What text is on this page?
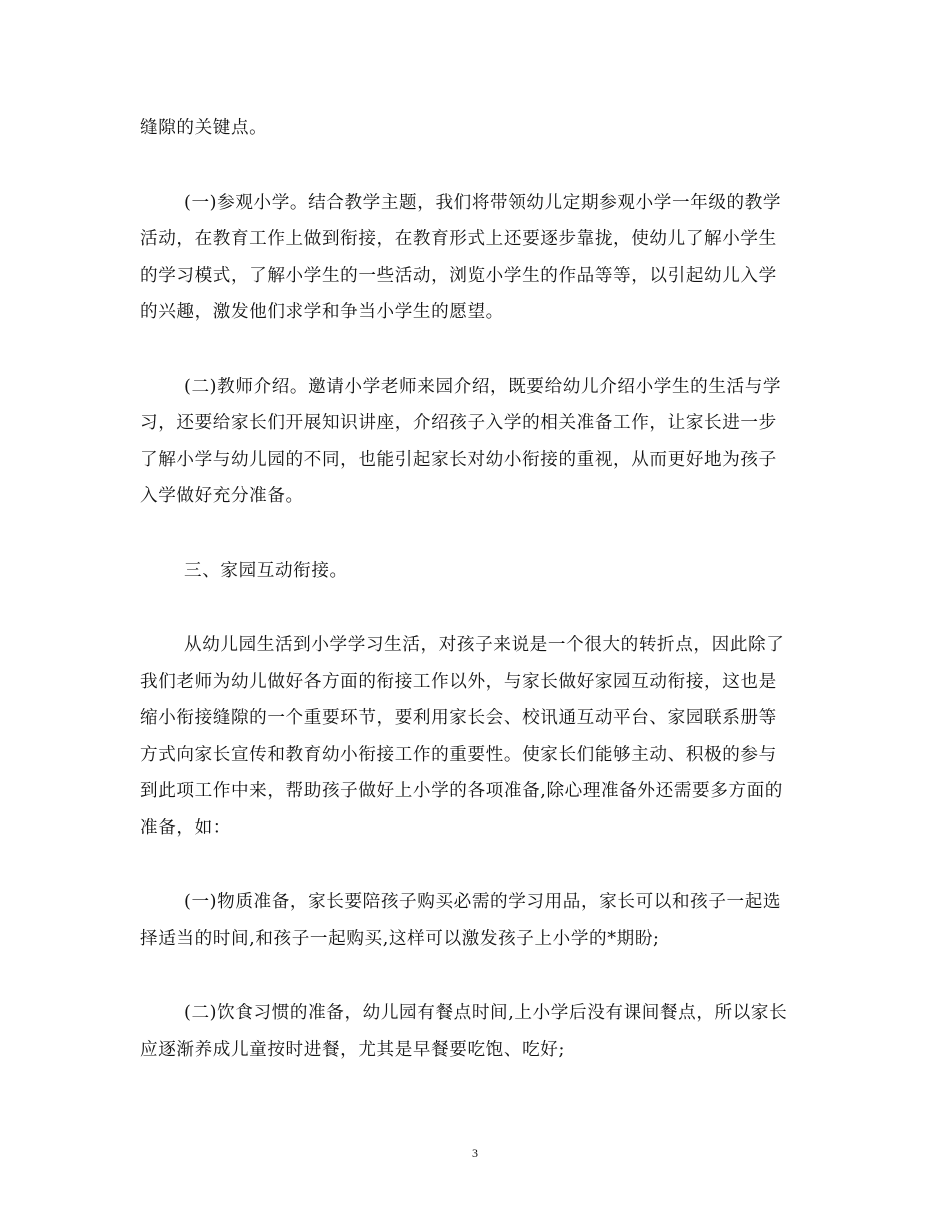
缝隙的关键点。
(一)参观小学。结合教学主题，我们将带领幼儿定期参观小学一年级的教学
活动，在教育工作上做到衔接，在教育形式上还要逐步靠拢，使幼儿了解小学生
的学习模式，了解小学生的一些活动，浏览小学生的作品等等，以引起幼儿入学
的兴趣，激发他们求学和争当小学生的愿望。
(二)教师介绍。邀请小学老师来园介绍，既要给幼儿介绍小学生的生活与学
习，还要给家长们开展知识讲座，介绍孩子入学的相关准备工作，让家长进一步
了解小学与幼儿园的不同，也能引起家长对幼小衔接的重视，从而更好地为孩子
入学做好充分准备。
三、家园互动衔接。
从幼儿园生活到小学学习生活，对孩子来说是一个很大的转折点，因此除了
我们老师为幼儿做好各方面的衔接工作以外，与家长做好家园互动衔接，这也是
缩小衔接缝隙的一个重要环节，要利用家长会、校讯通互动平台、家园联系册等
方式向家长宣传和教育幼小衔接工作的重要性。使家长们能够主动、积极的参与
到此项工作中来，帮助孩子做好上小学的各项准备,除心理准备外还需要多方面的
准备，如：
(一)物质准备，家长要陪孩子购买必需的学习用品，家长可以和孩子一起选
择适当的时间,和孩子一起购买,这样可以激发孩子上小学的*期盼;
(二)饮食习惯的准备，幼儿园有餐点时间,上小学后没有课间餐点，所以家长
应逐渐养成儿童按时进餐，尤其是早餐要吃饱、吃好;
3
